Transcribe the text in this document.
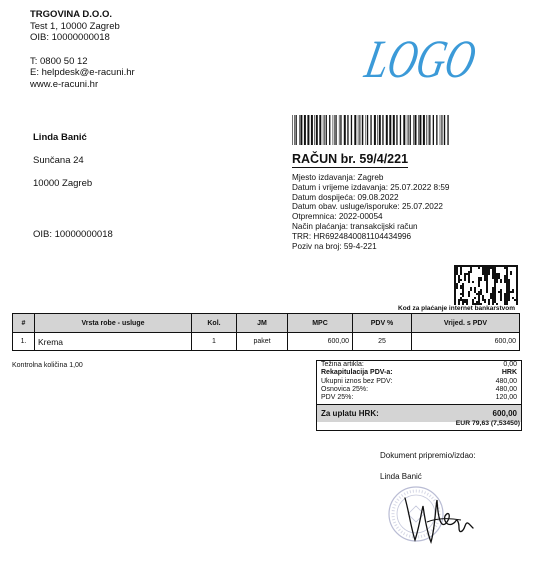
TRGOVINA D.O.O.
Test 1, 10000 Zagreb
OIB: 10000000018
T: 0800 50 12
E: helpdesk@e-racuni.hr
www.e-racuni.hr	LOGO
Linda Banić
Sunčana 24
10000 Zagreb
OIB: 10000000018
RAČUN br. 59/4/221
Mjesto izdavanja: Zagreb
Datum i vrijeme izdavanja: 25.07.2022 8:59
Datum dospijeća: 09.08.2022
Datum obav. usluge/isporuke: 25.07.2022
Otpremnica: 2022-00054
Način plaćanja: transakcijski račun
TRR: HR6924840081104434996
Poziv na broj: 59-4-221
Kod za plaćanje internet bankarstvom
#	Vrsta robe - usluge	Kol.	JM	MPC	PDV %	Vrijed. s PDV
1.	Krema	1	paket	600,00	25	600,00
Kontrolna količina 1,00	Težina artikla:	0,00
Rekapitulacija PDV-a:	HRK
Ukupni iznos bez PDV:	480,00
Osnovica 25%:	480,00
PDV 25%:	120,00
Za uplatu HRK:	600,00
EUR 79,63 (7,53450)
Dokument pripremio/izdao:
Linda Banić
